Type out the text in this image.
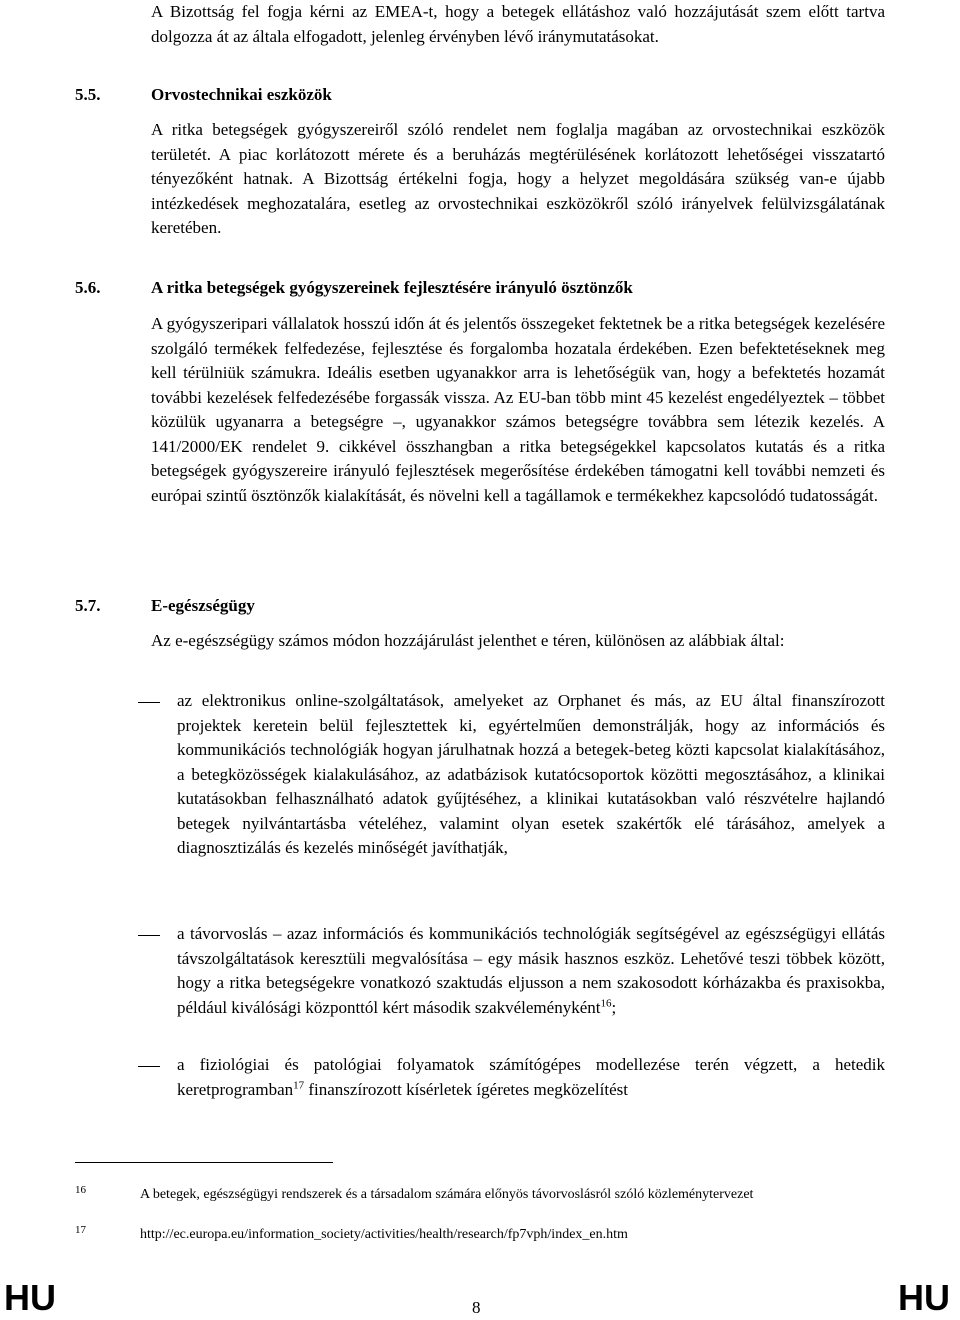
A Bizottság fel fogja kérni az EMEA-t, hogy a betegek ellátáshoz való hozzájutását szem előtt tartva dolgozza át az általa elfogadott, jelenleg érvényben lévő iránymutatásokat.

5.5.	Orvostechnikai eszközök

A ritka betegségek gyógyszereiről szóló rendelet nem foglalja magában az orvostechnikai eszközök területét. A piac korlátozott mérete és a beruházás megtérülésének korlátozott lehetőségei visszatartó tényezőként hatnak. A Bizottság értékelni fogja, hogy a helyzet megoldására szükség van-e újabb intézkedések meghozatalára, esetleg az orvostechnikai eszközökről szóló irányelvek felülvizsgálatának keretében.

5.6.	A ritka betegségek gyógyszereinek fejlesztésére irányuló ösztönzők

A gyógyszeripari vállalatok hosszú időn át és jelentős összegeket fektetnek be a ritka betegségek kezelésére szolgáló termékek felfedezése, fejlesztése és forgalomba hozatala érdekében. Ezen befektetéseknek meg kell térülniük számukra. Ideális esetben ugyanakkor arra is lehetőségük van, hogy a befektetés hozamát további kezelések felfedezésébe forgassák vissza. Az EU-ban több mint 45 kezelést engedélyeztek – többet közülük ugyanarra a betegségre –, ugyanakkor számos betegségre továbbra sem létezik kezelés. A 141/2000/EK rendelet 9. cikkével összhangban a ritka betegségekkel kapcsolatos kutatás és a ritka betegségek gyógyszereire irányuló fejlesztések megerősítése érdekében támogatni kell további nemzeti és európai szintű ösztönzők kialakítását, és növelni kell a tagállamok e termékekhez kapcsolódó tudatosságát.

5.7.	E-egészségügy

Az e-egészségügy számos módon hozzájárulást jelenthet e téren, különösen az alábbiak által:

az elektronikus online-szolgáltatások, amelyeket az Orphanet és más, az EU által finanszírozott projektek keretein belül fejlesztettek ki, egyértelműen demonstrálják, hogy az információs és kommunikációs technológiák hogyan járulhatnak hozzá a betegek-beteg közti kapcsolat kialakításához, a betegközösségek kialakulásához, az adatbázisok kutatócsoportok közötti megosztásához, a klinikai kutatásokban felhasználható adatok gyűjtéséhez, a klinikai kutatásokban való részvételre hajlandó betegek nyilvántartásba vételéhez, valamint olyan esetek szakértők elé tárásához, amelyek a diagnosztizálás és kezelés minőségét javíthatják,

a távorvoslás – azaz információs és kommunikációs technológiák segítségével az egészségügyi ellátás távszolgáltatások keresztüli megvalósítása – egy másik hasznos eszköz. Lehetővé teszi többek között, hogy a ritka betegségekre vonatkozó szaktudás eljusson a nem szakosodott kórházakba és praxisokba, például kiválósági központtól kért második szakvéleményként$^{16}$;

a fiziológiai és patológiai folyamatok számítógépes modellezése terén végzett, a hetedik keretprogramban$^{17}$ finanszírozott kísérletek ígéretes megközelítést

16	A betegek, egészségügyi rendszerek és a társadalom számára előnyös távorvoslásról szóló közleménytervezet

17	http://ec.europa.eu/information_society/activities/health/research/fp7vph/index_en.htm

HU	8	HU
